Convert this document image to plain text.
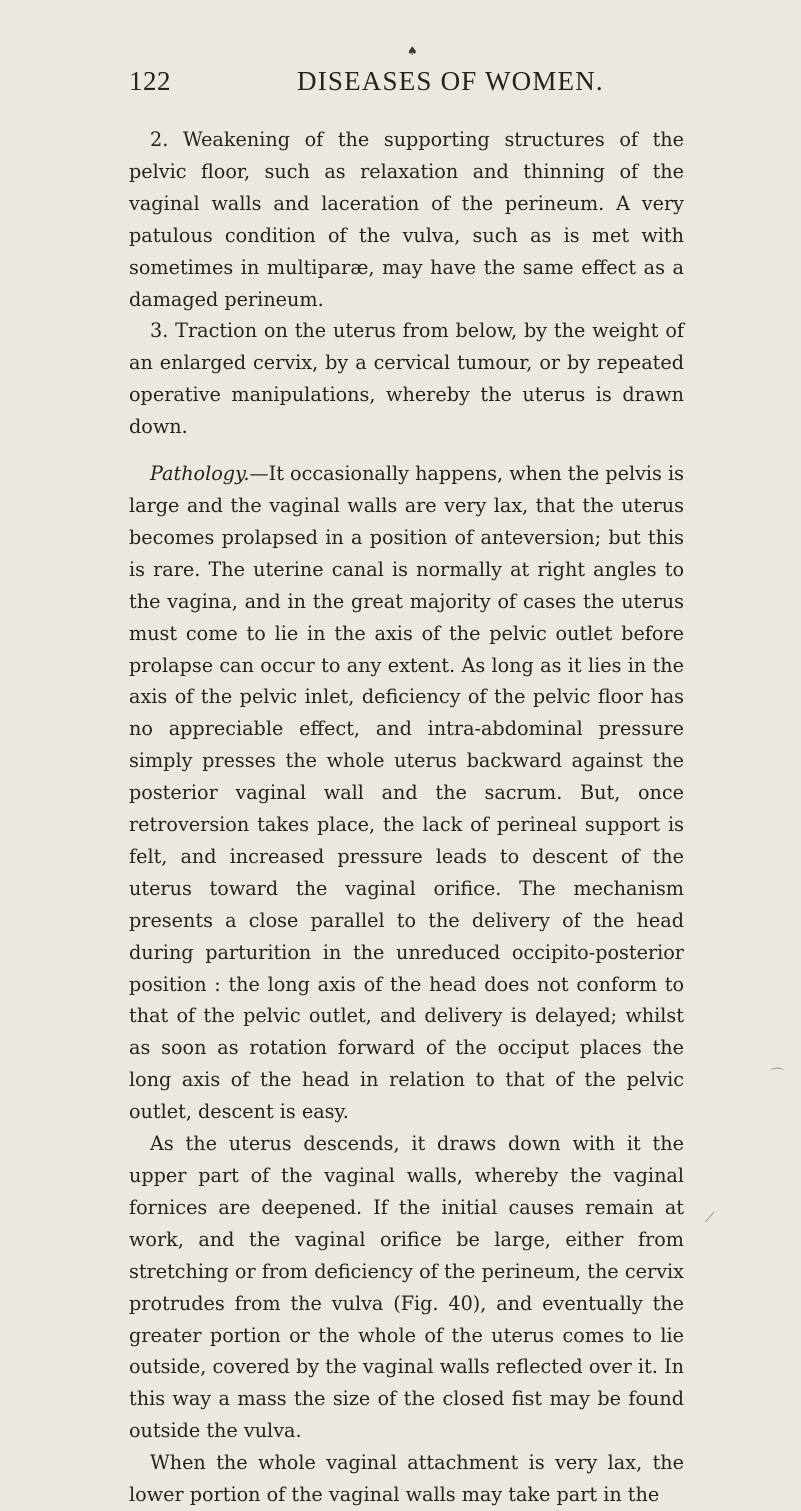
♠
122	DISEASES OF WOMEN.

2. Weakening of the supporting structures of the pelvic floor, such as relaxation and thinning of the vaginal walls and laceration of the perineum. A very patulous condition of the vulva, such as is met with sometimes in multiparæ, may have the same effect as a damaged perineum.

3. Traction on the uterus from below, by the weight of an enlarged cervix, by a cervical tumour, or by repeated operative manipulations, whereby the uterus is drawn down.

Pathology.—It occasionally happens, when the pelvis is large and the vaginal walls are very lax, that the uterus becomes prolapsed in a position of anteversion; but this is rare. The uterine canal is normally at right angles to the vagina, and in the great majority of cases the uterus must come to lie in the axis of the pelvic outlet before prolapse can occur to any extent. As long as it lies in the axis of the pelvic inlet, deficiency of the pelvic floor has no appreciable effect, and intra-abdominal pressure simply presses the whole uterus backward against the posterior vaginal wall and the sacrum. But, once retroversion takes place, the lack of perineal support is felt, and increased pressure leads to descent of the uterus toward the vaginal orifice. The mechanism presents a close parallel to the delivery of the head during parturition in the unreduced occipito-posterior position : the long axis of the head does not conform to that of the pelvic outlet, and delivery is delayed; whilst as soon as rotation forward of the occiput places the long axis of the head in relation to that of the pelvic outlet, descent is easy.

As the uterus descends, it draws down with it the upper part of the vaginal walls, whereby the vaginal fornices are deepened. If the initial causes remain at work, and the vaginal orifice be large, either from stretching or from deficiency of the perineum, the cervix protrudes from the vulva (Fig. 40), and eventually the greater portion or the whole of the uterus comes to lie outside, covered by the vaginal walls reflected over it. In this way a mass the size of the closed fist may be found outside the vulva.

When the whole vaginal attachment is very lax, the lower portion of the vaginal walls may take part in the

⌒
⟋
